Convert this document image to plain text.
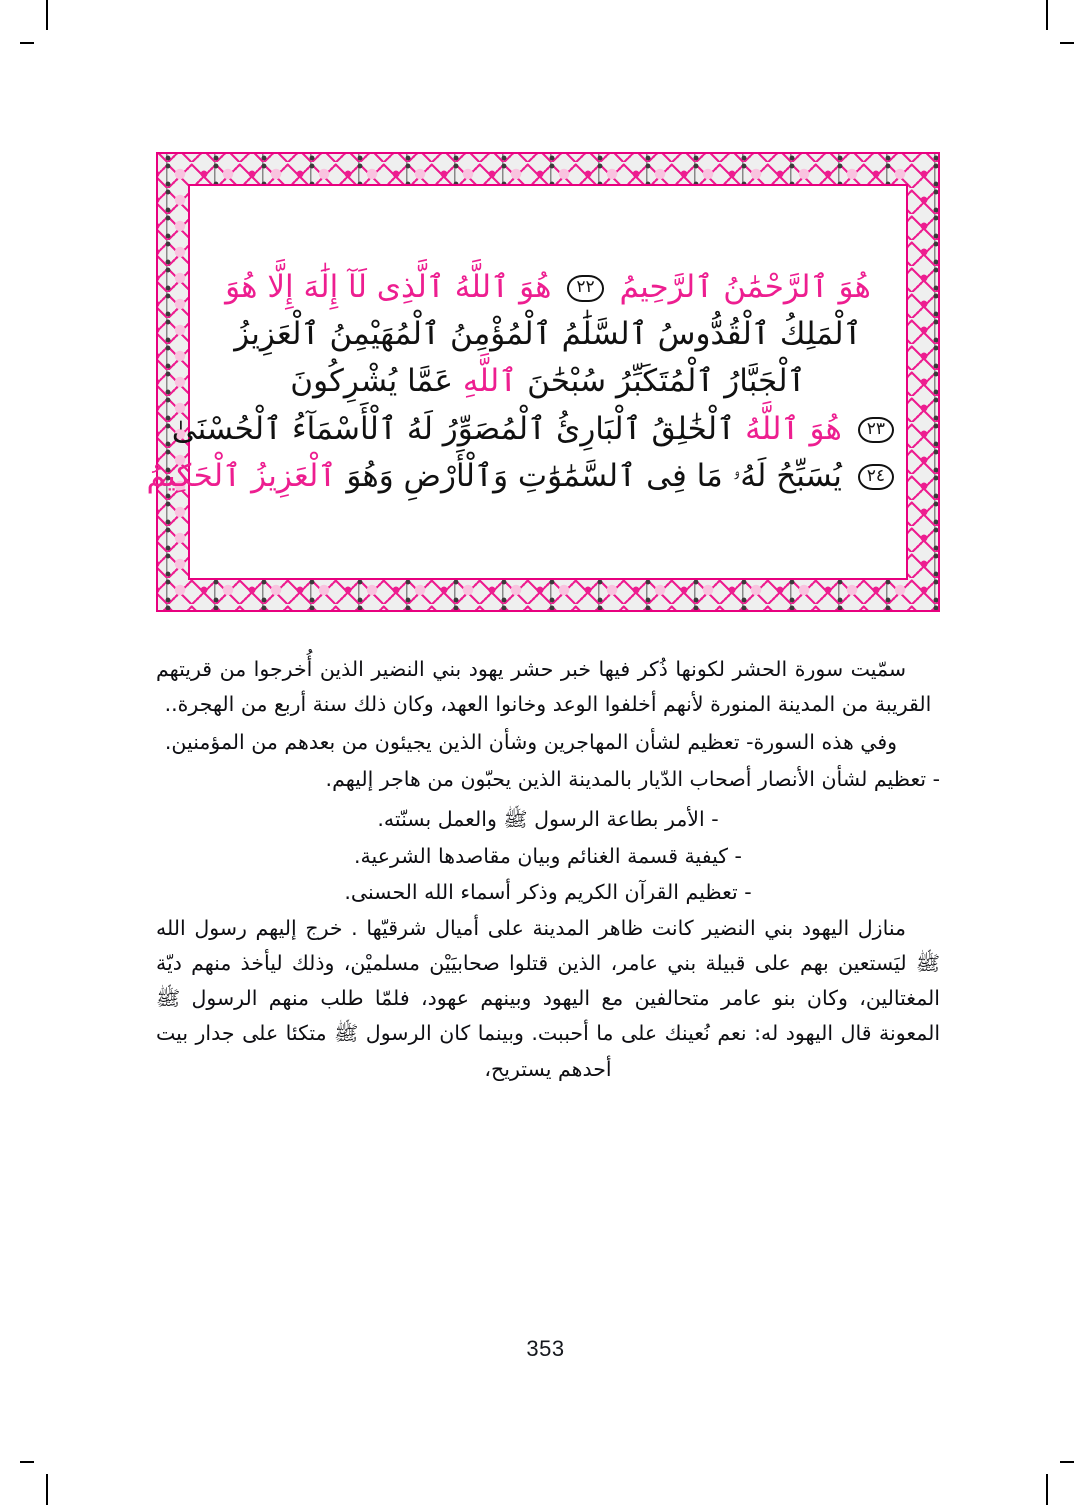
هُوَ ٱلرَّحْمَٰنُ ٱلرَّحِيمُ ۲۲ هُوَ ٱللَّهُ ٱلَّذِى لَآ إِلَٰهَ إِلَّا هُوَ
ٱلْمَلِكُ ٱلْقُدُّوسُ ٱلسَّلَٰمُ ٱلْمُؤْمِنُ ٱلْمُهَيْمِنُ ٱلْعَزِيزُ
ٱلْجَبَّارُ ٱلْمُتَكَبِّرُ سُبْحَٰنَ ٱللَّهِ عَمَّا يُشْرِكُونَ
۲۳ هُوَ ٱللَّهُ ٱلْخَٰلِقُ ٱلْبَارِئُ ٱلْمُصَوِّرُ لَهُ ٱلْأَسْمَآءُ ٱلْحُسْنَىٰ
۲٤ يُسَبِّحُ لَهُۥ مَا فِى ٱلسَّمَٰوَٰتِ وَٱلْأَرْضِ وَهُوَ ٱلْعَزِيزُ ٱلْحَكِيمُ

سمّيت سورة الحشر لكونها ذُكر فيها خبر حشر يهود بني النضير الذين أُخرجوا من قريتهم القريبة من المدينة المنورة لأنهم أخلفوا الوعد وخانوا العهد، وكان ذلك سنة أربع من الهجرة..

وفي هذه السورة- تعظيم لشأن المهاجرين وشأن الذين يجيئون من بعدهم من المؤمنين.

- تعظيم لشأن الأنصار أصحاب الدّيار بالمدينة الذين يحبّون من هاجر إليهم.

- الأمر بطاعة الرسول ﷺ والعمل بسنّته.
- كيفية قسمة الغنائم وبيان مقاصدها الشرعية.
- تعظيم القرآن الكريم وذكر أسماء الله الحسنى.

منازل اليهود بني النضير كانت ظاهر المدينة على أميال شرقيّها . خرج إليهم رسول الله ﷺ ليَستعين بهم على قبيلة بني عامر، الذين قتلوا صحابيَيْن مسلميْن، وذلك ليأخذ منهم ديّة المغتالين، وكان بنو عامر متحالفين مع اليهود وبينهم عهود، فلمّا طلب منهم الرسول ﷺ المعونة قال اليهود له: نعم نُعينك على ما أحببت. وبينما كان الرسول ﷺ متكئا على جدار بيت أحدهم يستريح،

353
